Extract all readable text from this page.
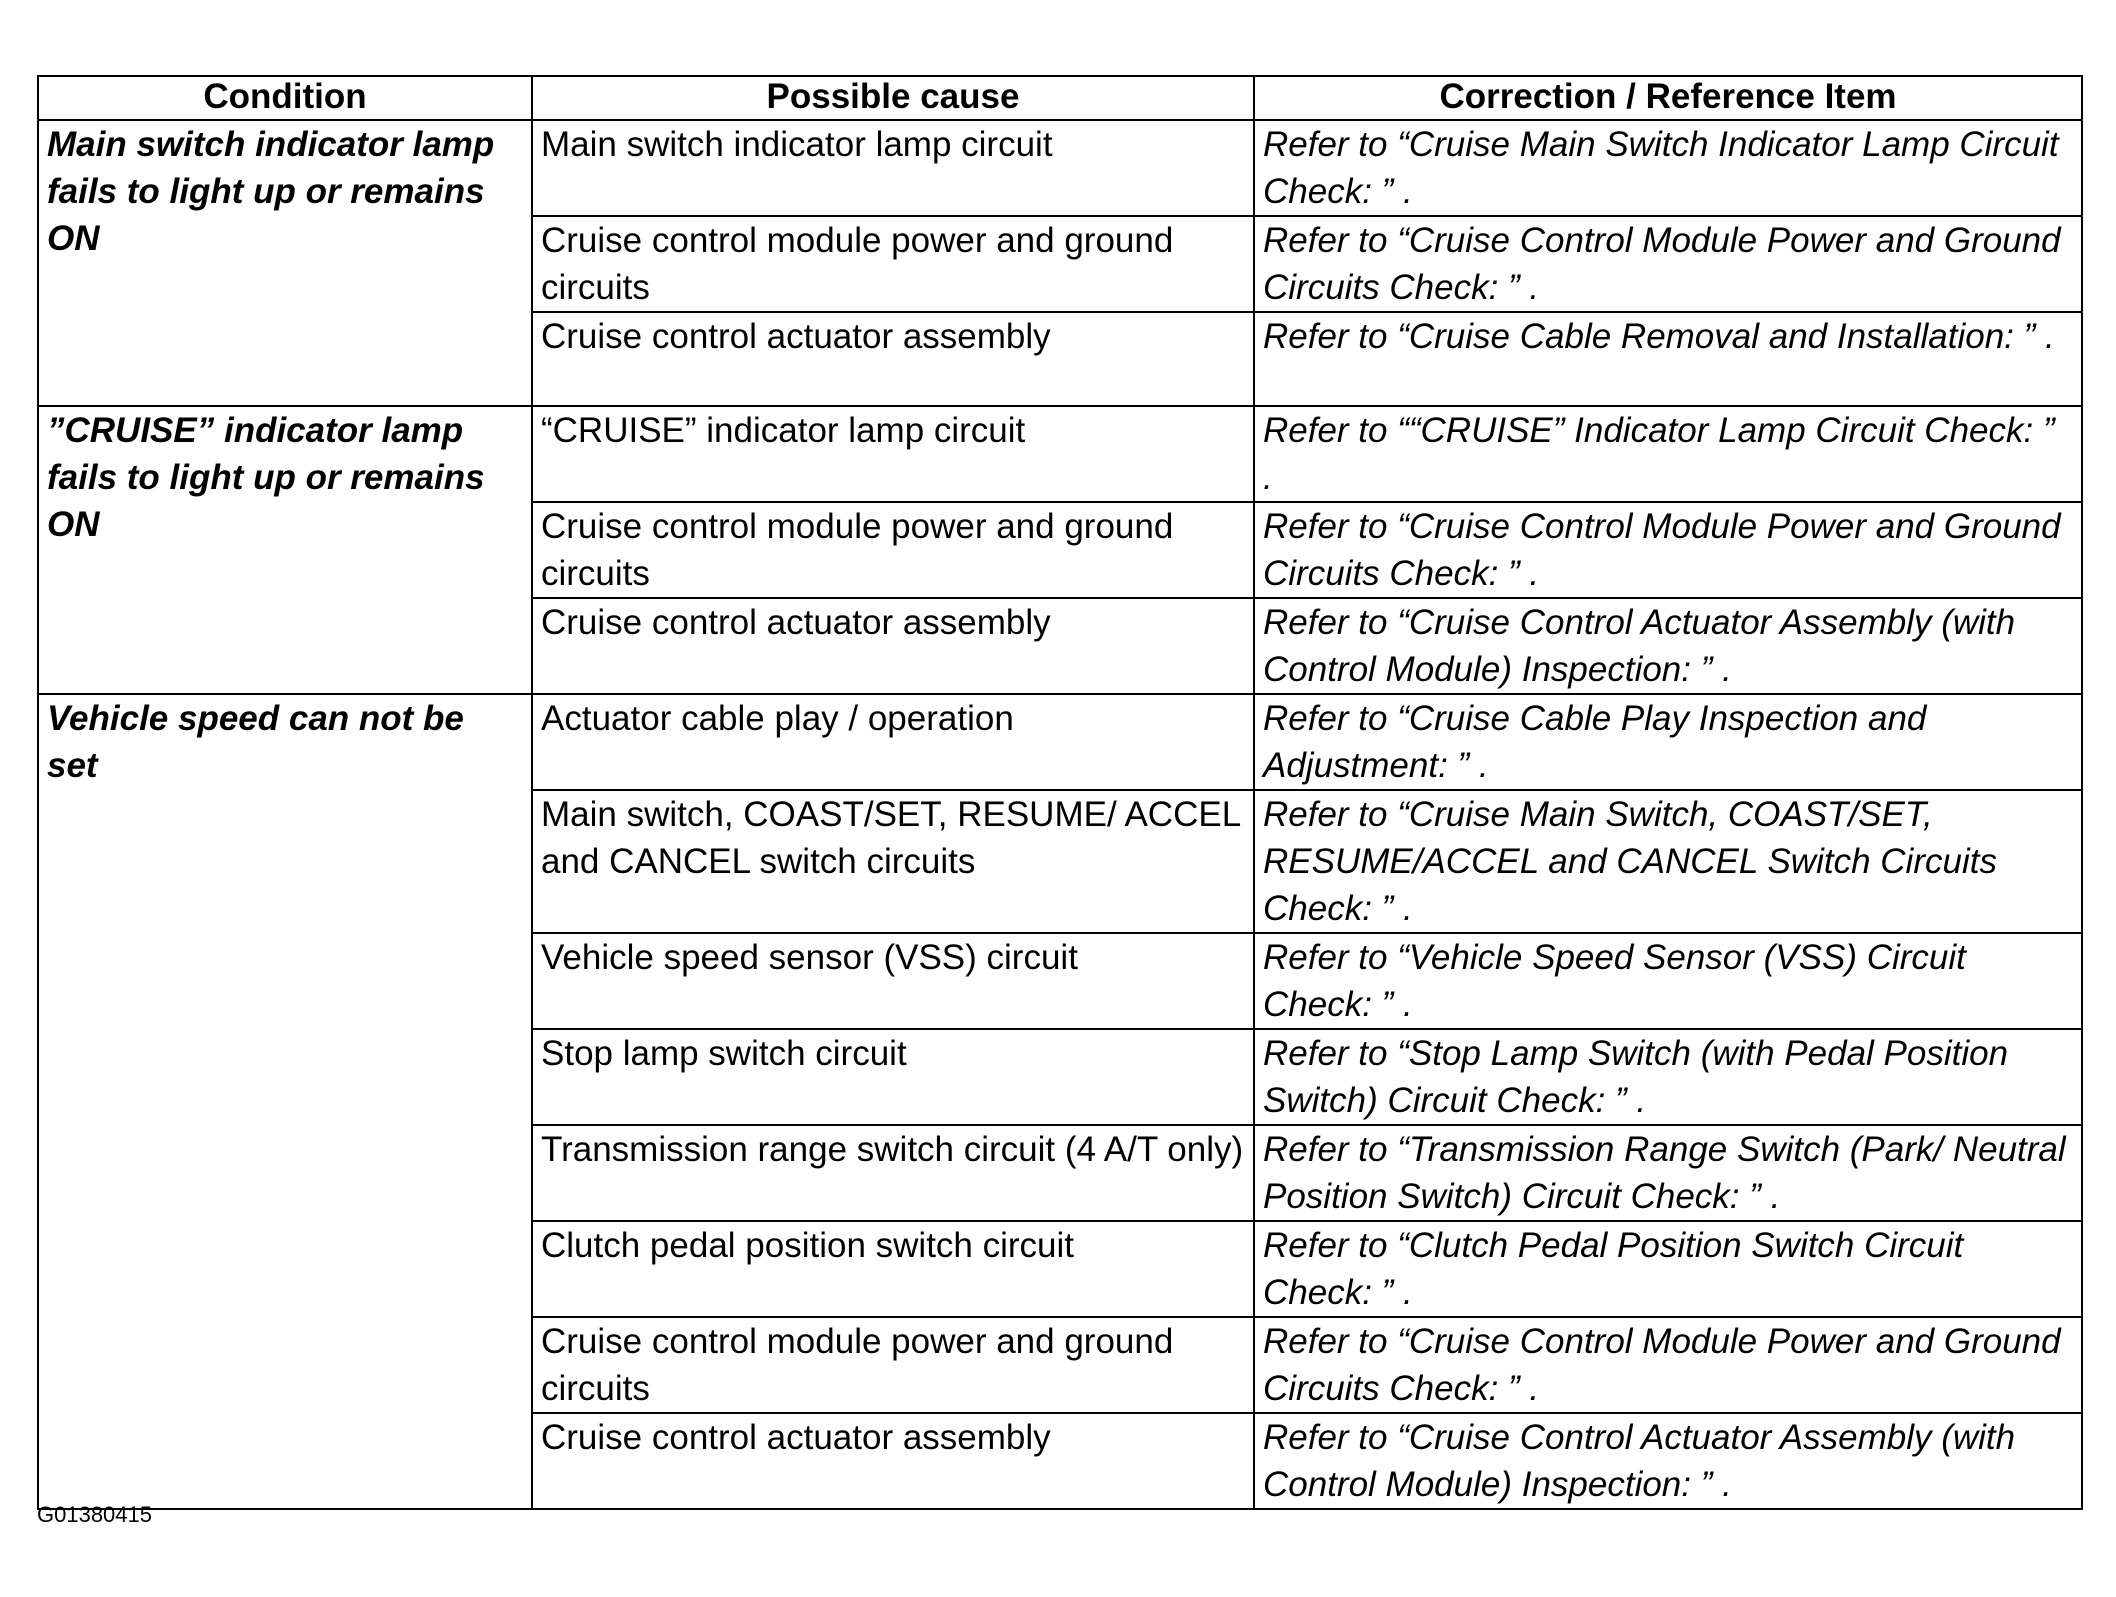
Condition	Possible cause	Correction / Reference Item
Main switch indicator lamp fails to light up or remains ON	Main switch indicator lamp circuit	Refer to “Cruise Main Switch Indicator Lamp Circuit Check: ” .
	Cruise control module power and ground circuits	Refer to “Cruise Control Module Power and Ground Circuits Check: ” .
	Cruise control actuator assembly	Refer to “Cruise Cable Removal and Installation: ” .
”CRUISE” indicator lamp fails to light up or remains ON	“CRUISE” indicator lamp circuit	Refer to ““CRUISE” Indicator Lamp Circuit Check: ” .
	Cruise control module power and ground circuits	Refer to “Cruise Control Module Power and Ground Circuits Check: ” .
	Cruise control actuator assembly	Refer to “Cruise Control Actuator Assembly (with Control Module) Inspection: ” .
Vehicle speed can not be set	Actuator cable play / operation	Refer to “Cruise Cable Play Inspection and Adjustment: ” .
	Main switch, COAST/SET, RESUME/ ACCEL and CANCEL switch circuits	Refer to “Cruise Main Switch, COAST/SET, RESUME/ACCEL and CANCEL Switch Circuits Check: ” .
	Vehicle speed sensor (VSS) circuit	Refer to “Vehicle Speed Sensor (VSS) Circuit Check: ” .
	Stop lamp switch circuit	Refer to “Stop Lamp Switch (with Pedal Position Switch) Circuit Check: ” .
	Transmission range switch circuit (4 A/T only)	Refer to “Transmission Range Switch (Park/ Neutral Position Switch) Circuit Check: ” .
	Clutch pedal position switch circuit	Refer to “Clutch Pedal Position Switch Circuit Check: ” .
	Cruise control module power and ground circuits	Refer to “Cruise Control Module Power and Ground Circuits Check: ” .
	Cruise control actuator assembly	Refer to “Cruise Control Actuator Assembly (with Control Module) Inspection: ” .
G01380415
